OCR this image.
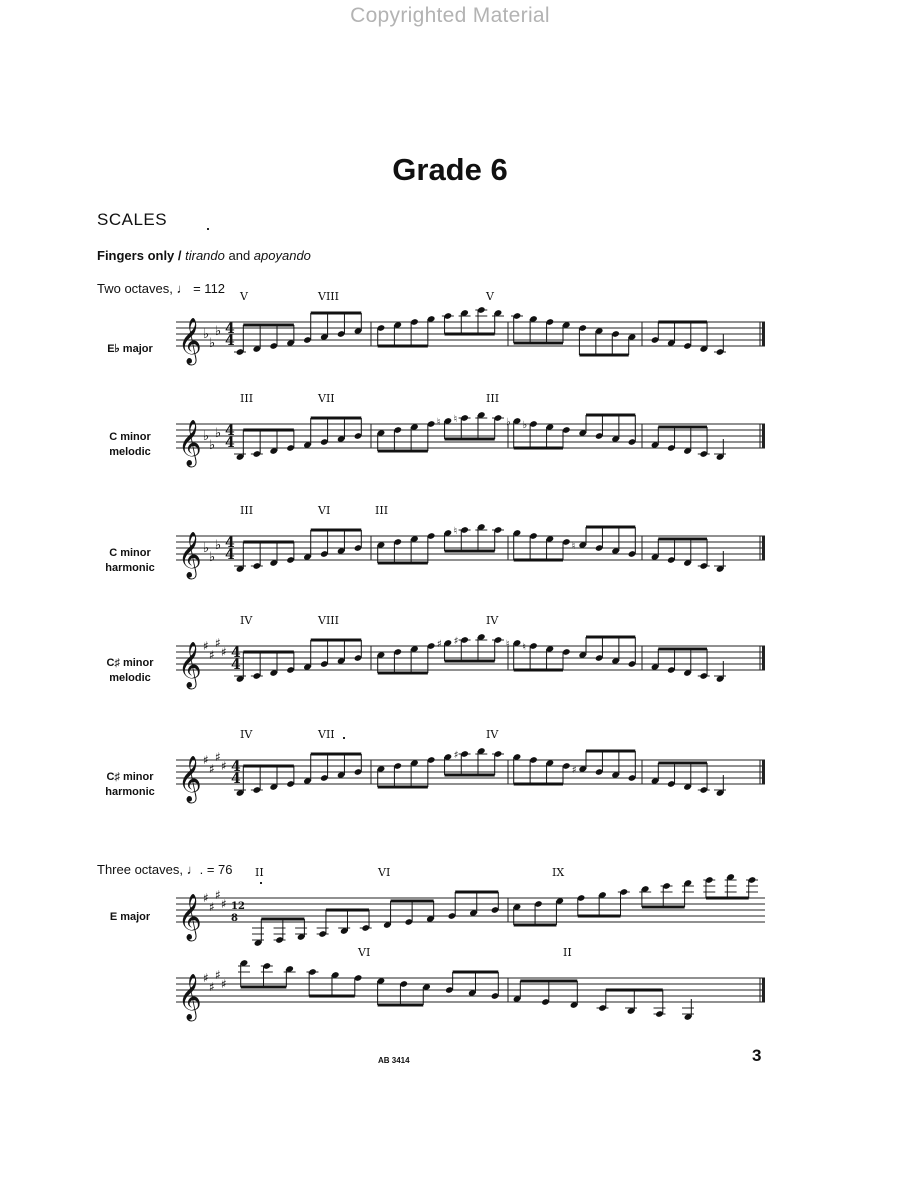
Copyrighted Material
Grade 6
SCALES
Fingers only / tirando and apoyando
Two octaves, ♩ = 112
Three octaves, ♩. = 76
E♭ major
C minor
melodic
C minor
harmonic
C♯ minor
melodic
C♯ minor
harmonic
E major
𝄞 ♭
♭
♭ 4
4
V	VIII	V
𝄞 ♭
♭
♭ 4
4
♮ ♮	♭ ♭
III	VII	III
𝄞 ♭
♭
♭ 4
4
♮
♮
III	VI	III
𝄞 ♯
♯
♯
♯ 4
4
♯ ♯	♮ ♮
IV	VIII	IV
𝄞 ♯
♯
♯
♯ 4
4
♯
♯
IV	VII	IV
𝄞 ♯
♯
♯
♯ 12
8
II	VI	IX
𝄞 ♯
♯
♯
♯
VI	II
AB 3414	3
